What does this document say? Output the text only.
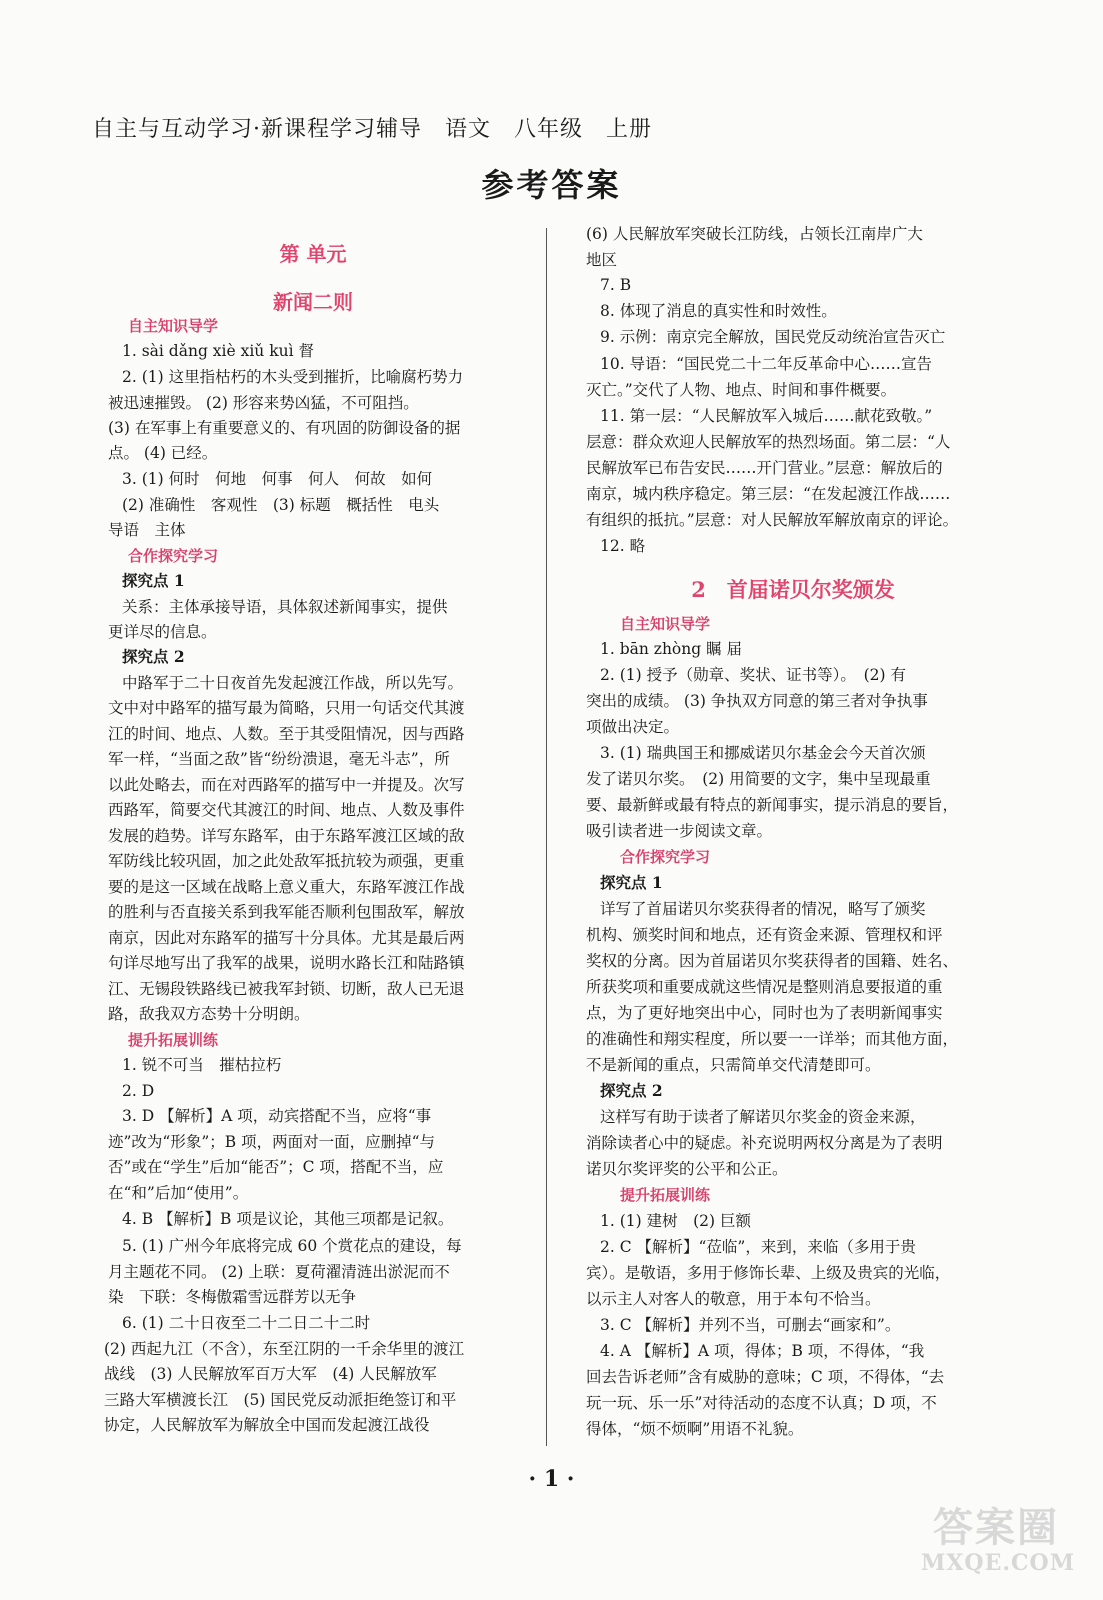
自主与互动学习·新课程学习辅导　语文　八年级　上册
参考答案
第 单元
新闻二则
自主知识导学
1. sài dǎng xiè xiǔ kuì 督
2. (1) 这里指枯朽的木头受到摧折，比喻腐朽势力
被迅速摧毁。 (2) 形容来势凶猛，不可阻挡。
(3) 在军事上有重要意义的、有巩固的防御设备的据
点。 (4) 已经。
3. (1) 何时　何地　何事　何人　何故　如何
(2) 准确性　客观性　(3) 标题　概括性　电头
导语　主体
合作探究学习
探究点 1
关系：主体承接导语，具体叙述新闻事实，提供
更详尽的信息。
探究点 2
中路军于二十日夜首先发起渡江作战，所以先写。
文中对中路军的描写最为简略，只用一句话交代其渡
江的时间、地点、人数。至于其受阻情况，因与西路
军一样，“当面之敌”皆“纷纷溃退，毫无斗志”，所
以此处略去，而在对西路军的描写中一并提及。次写
西路军，简要交代其渡江的时间、地点、人数及事件
发展的趋势。详写东路军，由于东路军渡江区域的敌
军防线比较巩固，加之此处敌军抵抗较为顽强，更重
要的是这一区域在战略上意义重大，东路军渡江作战
的胜利与否直接关系到我军能否顺利包围敌军，解放
南京，因此对东路军的描写十分具体。尤其是最后两
句详尽地写出了我军的战果，说明水路长江和陆路镇
江、无锡段铁路线已被我军封锁、切断，敌人已无退
路，敌我双方态势十分明朗。
提升拓展训练
1. 锐不可当　摧枯拉朽
2. D
3. D 【解析】A 项，动宾搭配不当，应将“事
迹”改为“形象”；B 项，两面对一面，应删掉“与
否”或在“学生”后加“能否”；C 项，搭配不当，应
在“和”后加“使用”。
4. B 【解析】B 项是议论，其他三项都是记叙。
5. (1) 广州今年底将完成 60 个赏花点的建设，每
月主题花不同。 (2) 上联：夏荷濯清涟出淤泥而不
染　下联：冬梅傲霜雪远群芳以无争
6. (1) 二十日夜至二十二日二十二时
(2) 西起九江（不含），东至江阴的一千余华里的渡江
战线　(3) 人民解放军百万大军　(4) 人民解放军
三路大军横渡长江　(5) 国民党反动派拒绝签订和平
协定，人民解放军为解放全中国而发起渡江战役
(6) 人民解放军突破长江防线，占领长江南岸广大
地区
7. B
8. 体现了消息的真实性和时效性。
9. 示例：南京完全解放，国民党反动统治宣告灭亡
10. 导语：“国民党二十二年反革命中心……宣告
灭亡。”交代了人物、地点、时间和事件概要。
11. 第一层：“人民解放军入城后……献花致敬。”
层意：群众欢迎人民解放军的热烈场面。第二层：“人
民解放军已布告安民……开门营业。”层意：解放后的
南京，城内秩序稳定。第三层：“在发起渡江作战……
有组织的抵抗。”层意：对人民解放军解放南京的评论。
12. 略
2　首届诺贝尔奖颁发
自主知识导学
1. bān zhòng 瞩 届
2. (1) 授予（勋章、奖状、证书等）。　(2) 有
突出的成绩。 (3) 争执双方同意的第三者对争执事
项做出决定。
3. (1) 瑞典国王和挪威诺贝尔基金会今天首次颁
发了诺贝尔奖。　(2) 用简要的文字，集中呈现最重
要、最新鲜或最有特点的新闻事实，提示消息的要旨，
吸引读者进一步阅读文章。
合作探究学习
探究点 1
详写了首届诺贝尔奖获得者的情况，略写了颁奖
机构、颁奖时间和地点，还有资金来源、管理权和评
奖权的分离。因为首届诺贝尔奖获得者的国籍、姓名、
所获奖项和重要成就这些情况是整则消息要报道的重
点，为了更好地突出中心，同时也为了表明新闻事实
的准确性和翔实程度，所以要一一详举；而其他方面，
不是新闻的重点，只需简单交代清楚即可。
探究点 2
这样写有助于读者了解诺贝尔奖金的资金来源，
消除读者心中的疑虑。补充说明两权分离是为了表明
诺贝尔奖评奖的公平和公正。
提升拓展训练
1. (1) 建树　(2) 巨额
2. C 【解析】“莅临”，来到，来临（多用于贵
宾）。是敬语，多用于修饰长辈、上级及贵宾的光临，
以示主人对客人的敬意，用于本句不恰当。
3. C 【解析】并列不当，可删去“画家和”。
4. A 【解析】A 项，得体；B 项，不得体，“我
回去告诉老师”含有威胁的意味；C 项，不得体，“去
玩一玩、乐一乐”对待活动的态度不认真；D 项，不
得体，“烦不烦啊”用语不礼貌。
· 1 ·
答案圈
MXQE.COM
